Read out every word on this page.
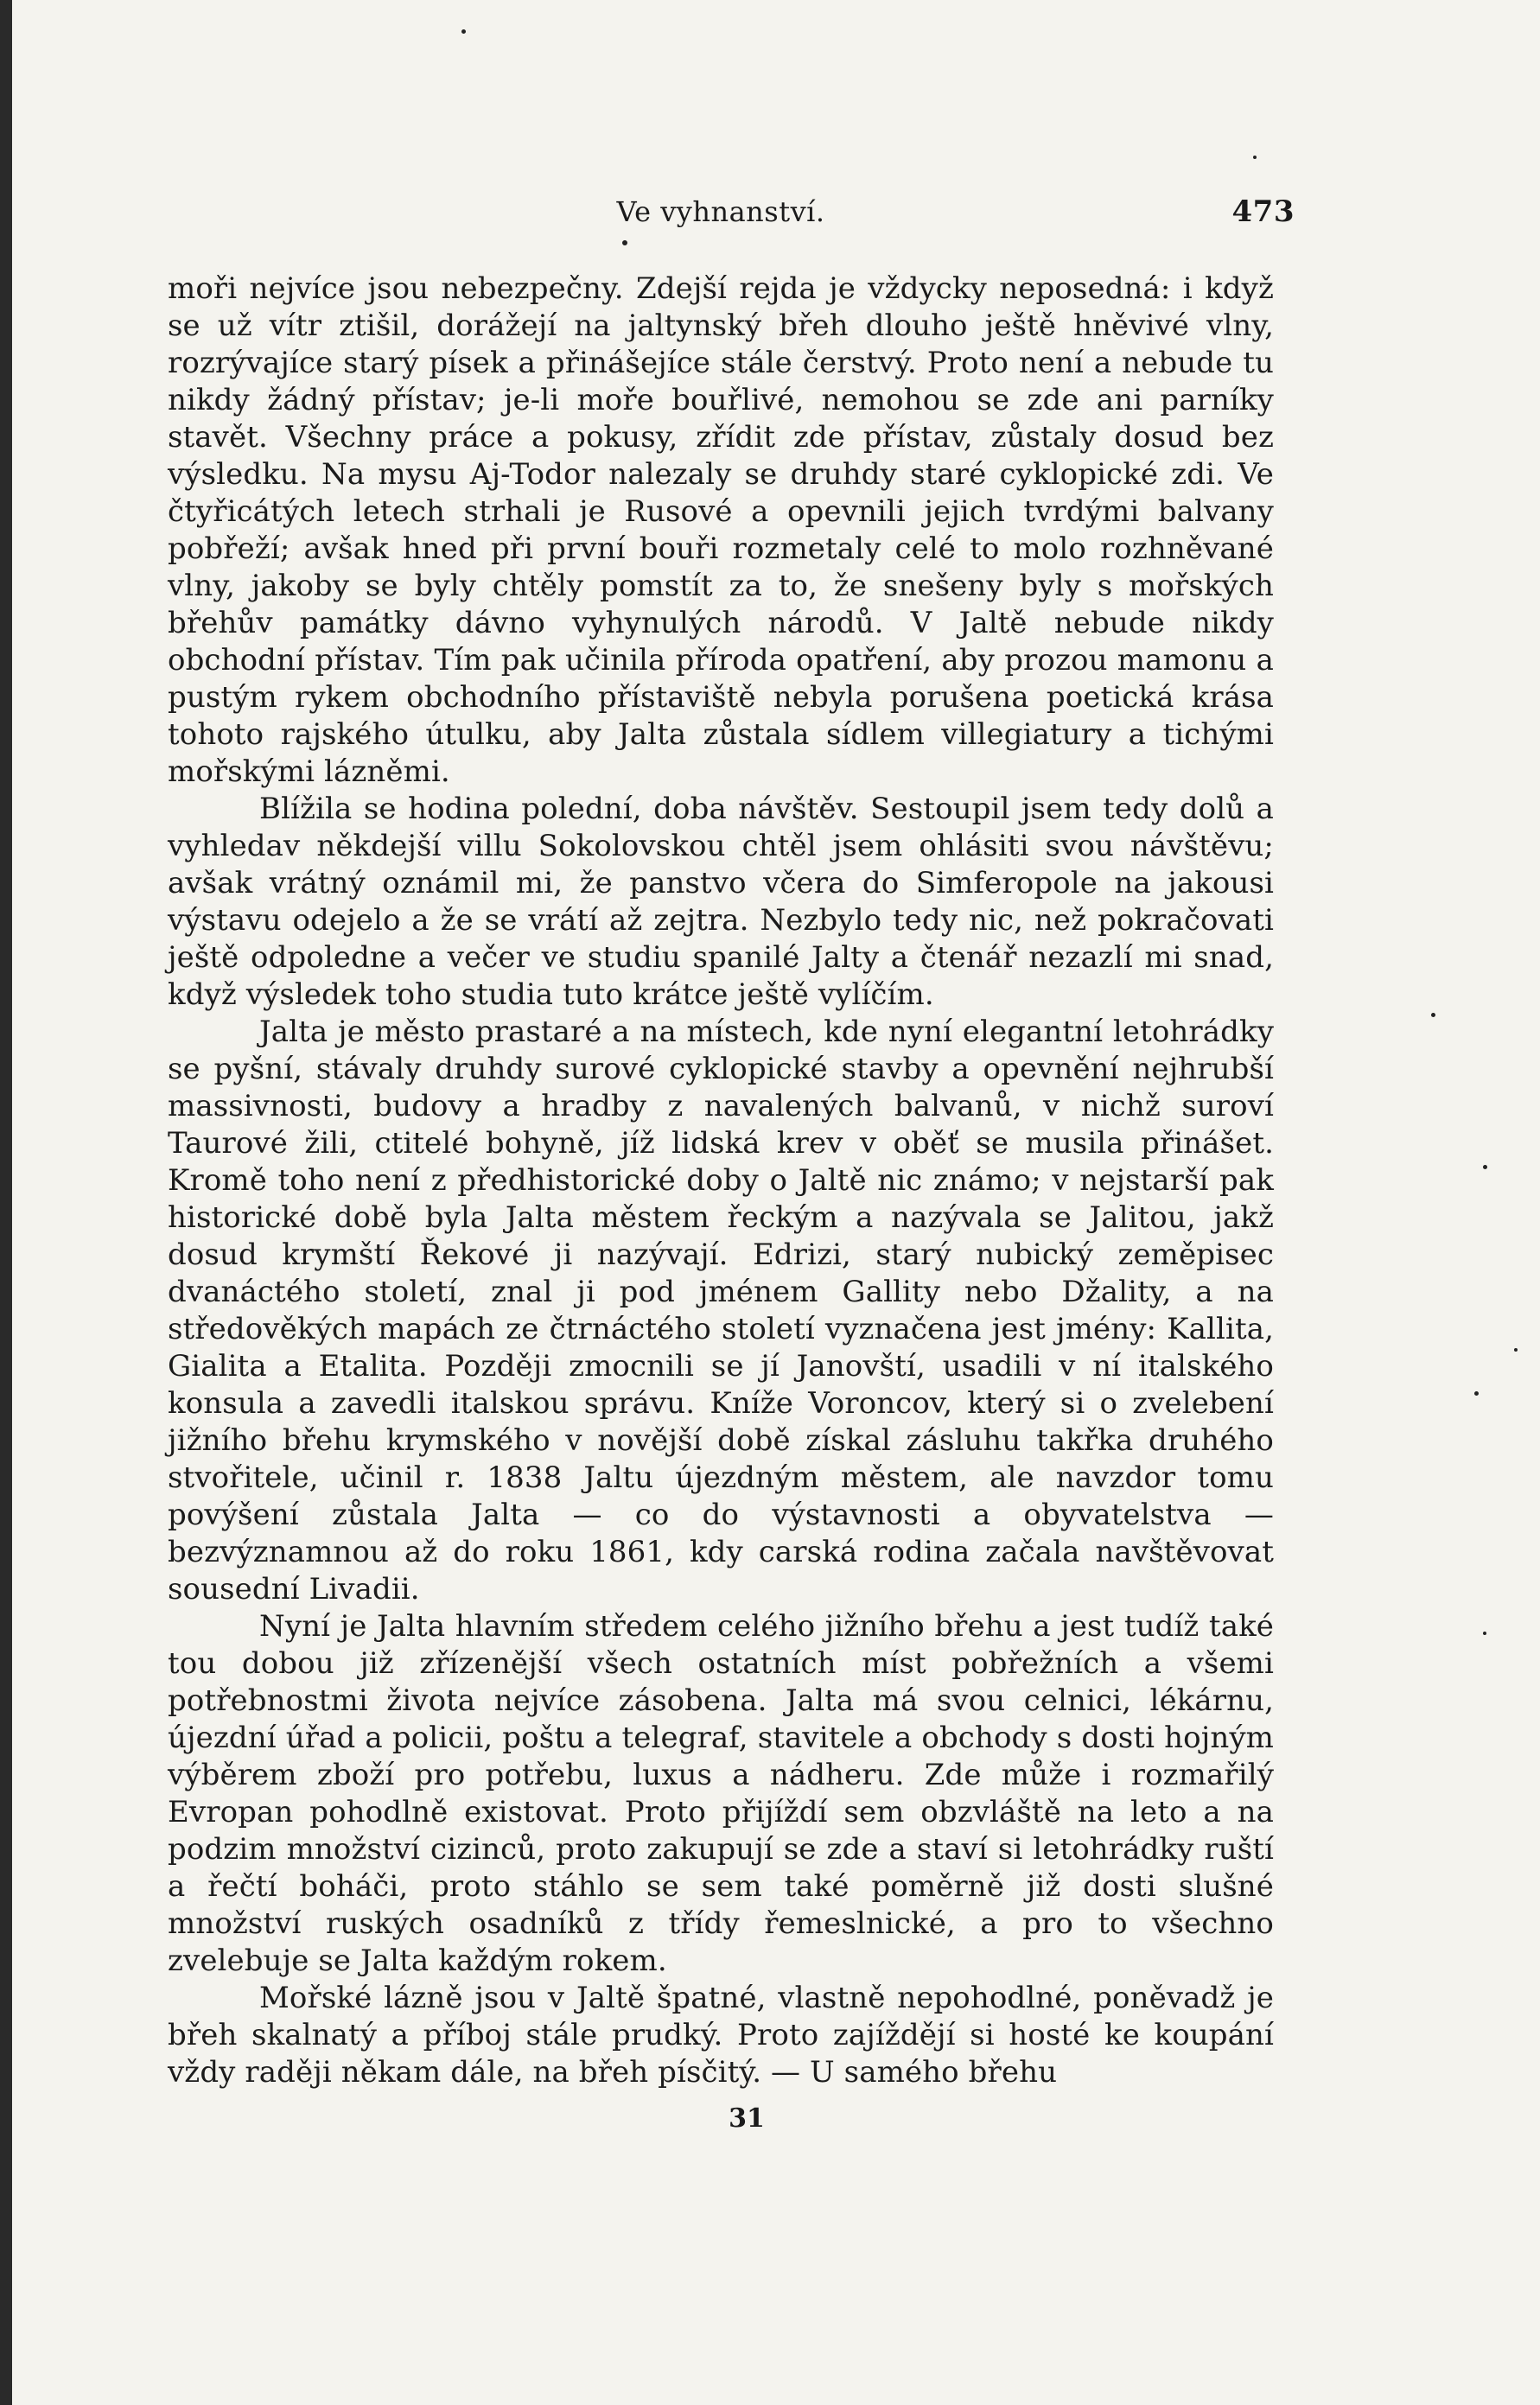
Ve vyhnanství.	473

moři nejvíce jsou nebezpečny. Zdejší rejda je vždycky neposedná: i když se už vítr ztišil, dorážejí na jaltynský břeh dlouho ještě hněvivé vlny, rozrývajíce starý písek a přinášejíce stále čerstvý. Proto není a nebude tu nikdy žádný přístav; je-li moře bouřlivé, nemohou se zde ani parníky stavět. Všechny práce a pokusy, zřídit zde přístav, zůstaly dosud bez výsledku. Na mysu Aj-Todor nalezaly se druhdy staré cyklopické zdi. Ve čtyřicátých letech strhali je Rusové a opevnili jejich tvrdými balvany pobřeží; avšak hned při první bouři rozmetaly celé to molo rozhněvané vlny, jakoby se byly chtěly pomstít za to, že snešeny byly s mořských břehův památky dávno vyhynulých národů. V Jaltě nebude nikdy obchodní přístav. Tím pak učinila příroda opatření, aby prozou mamonu a pustým rykem obchodního přístaviště nebyla porušena poetická krása tohoto rajského útulku, aby Jalta zůstala sídlem villegiatury a tichými mořskými lázněmi.

Blížila se hodina polední, doba návštěv. Sestoupil jsem tedy dolů a vyhledav někdejší villu Sokolovskou chtěl jsem ohlásiti svou návštěvu; avšak vrátný oznámil mi, že panstvo včera do Simferopole na jakousi výstavu odejelo a že se vrátí až zejtra. Nezbylo tedy nic, než pokračovati ještě odpoledne a večer ve studiu spanilé Jalty a čtenář nezazlí mi snad, když výsledek toho studia tuto krátce ještě vylíčím.

Jalta je město prastaré a na místech, kde nyní elegantní letohrádky se pyšní, stávaly druhdy surové cyklopické stavby a opevnění nejhrubší massivnosti, budovy a hradby z navalených balvanů, v nichž suroví Taurové žili, ctitelé bohyně, jíž lidská krev v oběť se musila přinášet. Kromě toho není z předhistorické doby o Jaltě nic známo; v nejstarší pak historické době byla Jalta městem řeckým a nazývala se Jalitou, jakž dosud krymští Řekové ji nazývají. Edrizi, starý nubický zeměpisec dvanáctého století, znal ji pod jménem Gallity nebo Džality, a na středověkých mapách ze čtrnáctého století vyznačena jest jmény: Kallita, Gialita a Etalita. Později zmocnili se jí Janovští, usadili v ní italského konsula a zavedli italskou správu. Kníže Voroncov, který si o zvelebení jižního břehu krymského v novější době získal zásluhu takřka druhého stvořitele, učinil r. 1838 Jaltu újezdným městem, ale navzdor tomu povýšení zůstala Jalta — co do výstavnosti a obyvatelstva — bezvýznamnou až do roku 1861, kdy carská rodina začala navštěvovat sousední Livadii.

Nyní je Jalta hlavním středem celého jižního břehu a jest tudíž také tou dobou již zřízenější všech ostatních míst pobřežních a všemi potřebnostmi života nejvíce zásobena. Jalta má svou celnici, lékárnu, újezdní úřad a policii, poštu a telegraf, stavitele a obchody s dosti hojným výběrem zboží pro potřebu, luxus a nádheru. Zde může i rozmařilý Evropan pohodlně existovat. Proto přijíždí sem obzvláště na leto a na podzim množství cizinců, proto zakupují se zde a staví si letohrádky ruští a řečtí boháči, proto stáhlo se sem také poměrně již dosti slušné množství ruských osadníků z třídy řemeslnické, a pro to všechno zvelebuje se Jalta každým rokem.

Mořské lázně jsou v Jaltě špatné, vlastně nepohodlné, poněvadž je břeh skalnatý a příboj stále prudký. Proto zajíždějí si hosté ke koupání vždy raději někam dále, na břeh písčitý. — U samého břehu

31
